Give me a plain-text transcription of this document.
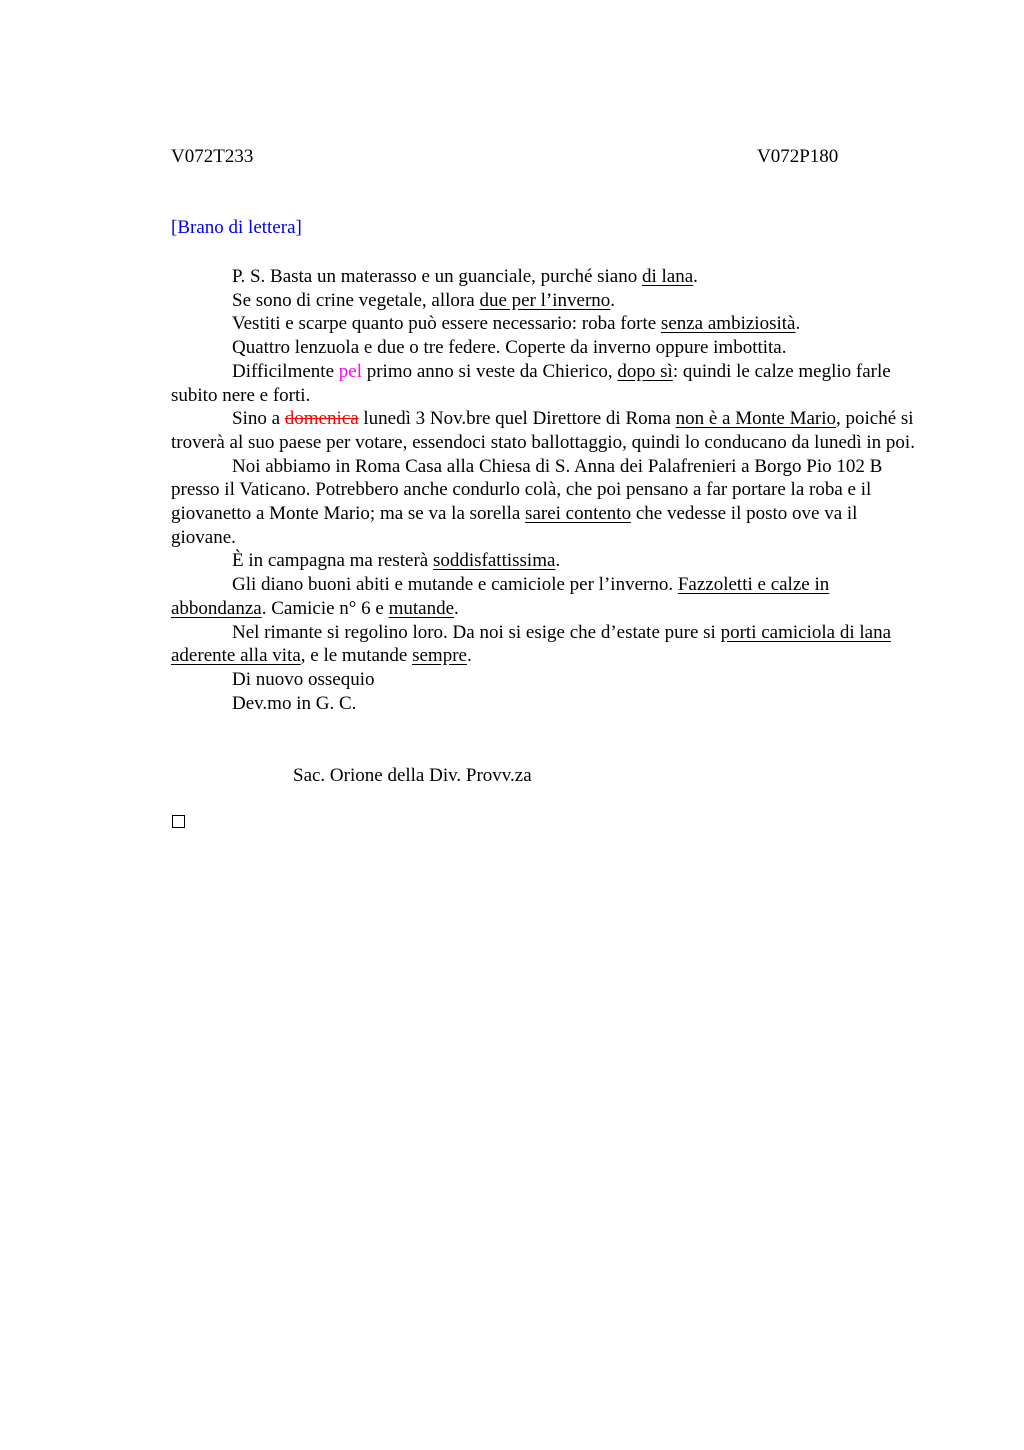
V072T233	V072P180
[Brano di lettera]

P. S. Basta un materasso e un guanciale, purché siano di lana.

Se sono di crine vegetale, allora due per l’inverno.

Vestiti e scarpe quanto può essere necessario: roba forte senza ambiziosità.

Quattro lenzuola e due o tre federe. Coperte da inverno oppure imbottita.

Difficilmente pel primo anno si veste da Chierico, dopo sì: quindi le calze meglio farle subito nere e forti.

Sino a domenica lunedì 3 Nov.bre quel Direttore di Roma non è a Monte Mario, poiché si troverà al suo paese per votare, essendoci stato ballottaggio, quindi lo conducano da lunedì in poi.

Noi abbiamo in Roma Casa alla Chiesa di S. Anna dei Palafrenieri a Borgo Pio 102 B presso il Vaticano. Potrebbero anche condurlo colà, che poi pensano a far portare la roba e il giovanetto a Monte Mario; ma se va la sorella sarei contento che vedesse il posto ove va il giovane.

È in campagna ma resterà soddisfattissima.

Gli diano buoni abiti e mutande e camiciole per l’inverno. Fazzoletti e calze in abbondanza. Camicie n° 6 e mutande.

Nel rimante si regolino loro. Da noi si esige che d’estate pure si porti camiciola di lana aderente alla vita, e le mutande sempre.

Di nuovo ossequio

Dev.mo in G. C.

Sac. Orione della Div. Provv.za
